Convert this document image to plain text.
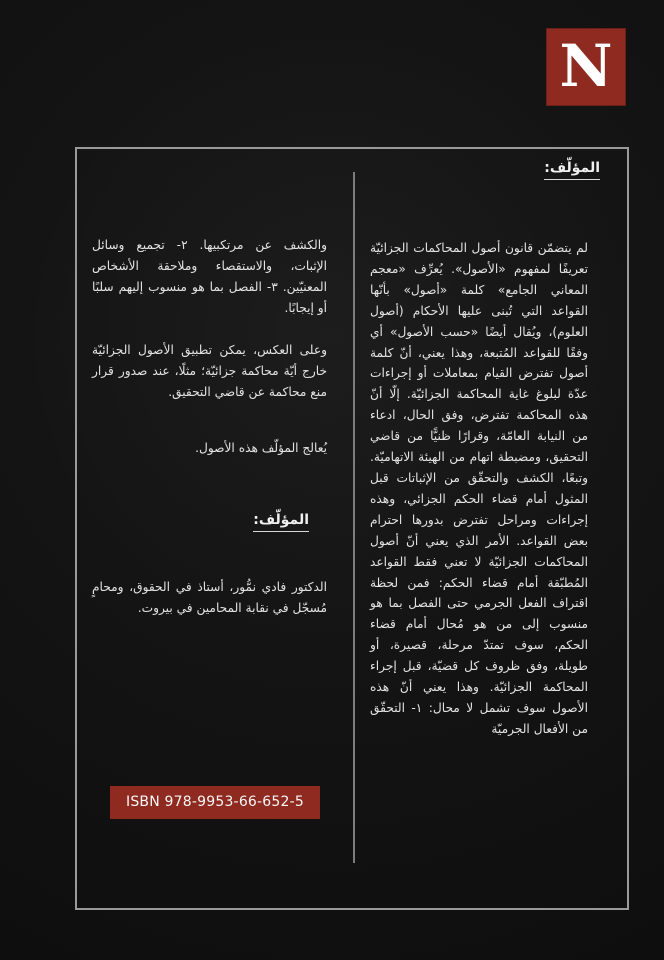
N
المؤلّف:
لم يتضمّن قانون أصول المحاكمات الجزائيّة تعريفًا لمفهوم «الأصول». يُعرِّف «معجم المعاني الجامع» كلمة «أصول» بأنّها القواعد التي تُبنى عليها الأحكام (أصول العلوم)، ويُقال أيضًا «حسب الأصول» أي وفقًا للقواعد المُتبعة، وهذا يعني، أنّ كلمة أصول تفترض القيام بمعاملات أو إجراءات عدّة لبلوغ غاية المحاكمة الجزائيّة. إلّا أنّ هذه المحاكمة تفترض، وفق الحال، ادعاء من النيابة العامّة، وقرارًا ظنيًّا من قاضي التحقيق، ومضبطة اتهام من الهيئة الاتهاميّة. وتبعًا، الكشف والتحقّق من الإثباتات قبل المثول أمام قضاء الحكم الجزائي، وهذه إجراءات ومراحل تفترض بدورها احترام بعض القواعد. الأمر الذي يعني أنّ أصول المحاكمات الجزائيّة لا تعني فقط القواعد المُطبّقة أمام قضاء الحكم: فمن لحظة اقتراف الفعل الجرمي حتى الفصل بما هو منسوب إلى من هو مُحال أمام قضاء الحكم، سوف تمتدّ مرحلة، قصيرة، أو طويلة، وفق ظروف كل قضيّة، قبل إجراء المحاكمة الجزائيّة. وهذا يعني أنّ هذه الأصول سوف تشمل لا محال: ١- التحقّق من الأفعال الجرميّة
والكشف عن مرتكبيها. ٢- تجميع وسائل الإثبات، والاستقصاء وملاحقة الأشخاص المعنيّين. ٣- الفصل بما هو منسوب إليهم سلبًا أو إيجابًا.
وعلى العكس، يمكن تطبيق الأصول الجزائيّة خارج أيّة محاكمة جزائيّة؛ مثلًا، عند صدور قرار منع محاكمة عن قاضي التحقيق.
يُعالج المؤلّف هذه الأصول.
المؤلّف:
الدكتور فادي نمُّور، أستاذ في الحقوق، ومحامٍ مُسجّل في نقابة المحامين في بيروت.
ISBN 978-9953-66-652-5
